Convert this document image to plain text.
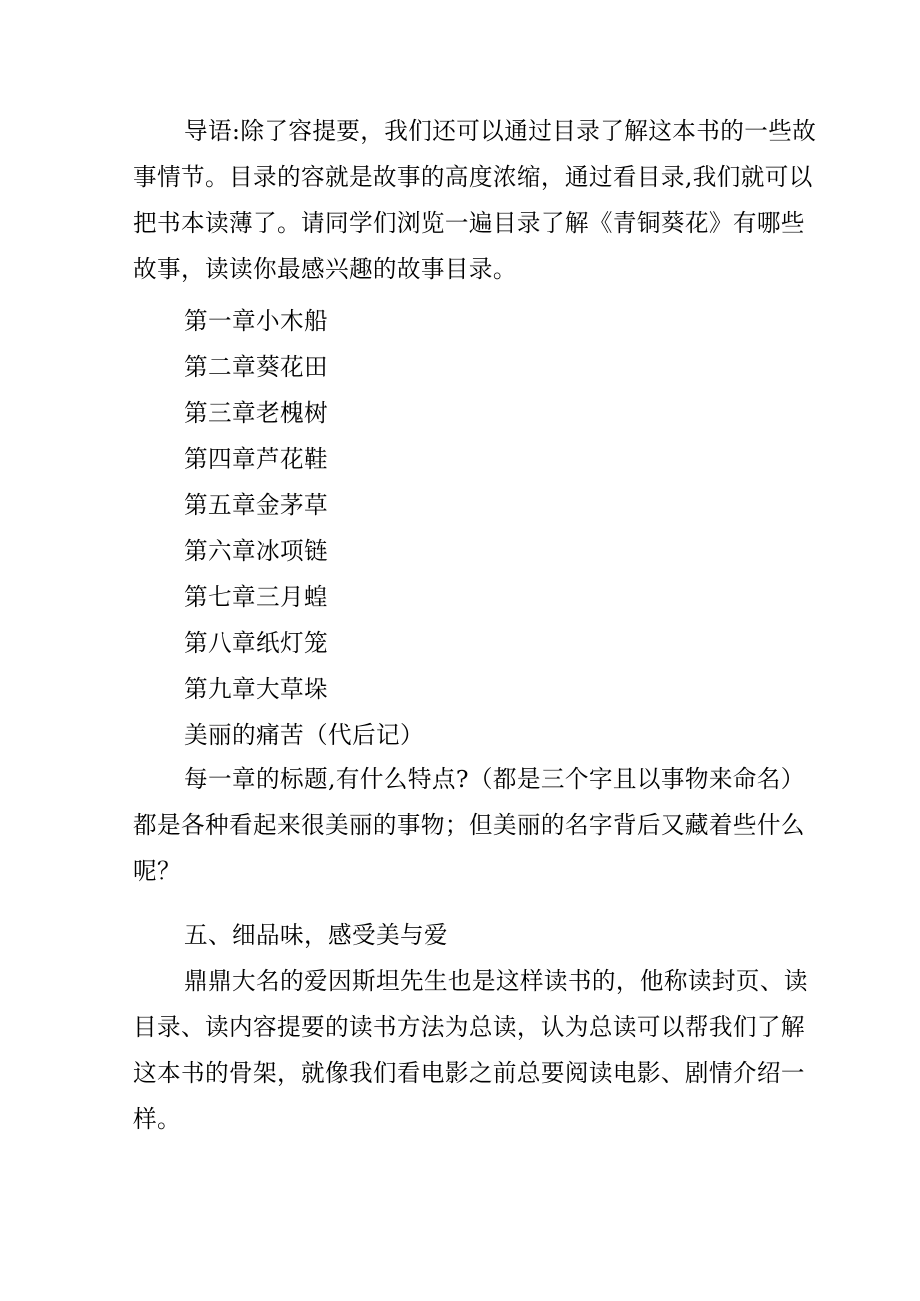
导语:除了容提要，我们还可以通过目录了解这本书的一些故
事情节。目录的容就是故事的高度浓缩，通过看目录,我们就可以
把书本读薄了。请同学们浏览一遍目录了解《青铜葵花》有哪些
故事，读读你最感兴趣的故事目录。
第一章小木船
第二章葵花田
第三章老槐树
第四章芦花鞋
第五章金茅草
第六章冰项链
第七章三月蝗
第八章纸灯笼
第九章大草垛
美丽的痛苦（代后记）
每一章的标题,有什么特点?（都是三个字且以事物来命名）
都是各种看起来很美丽的事物；但美丽的名字背后又藏着些什么
呢？
五、细品味，感受美与爱
鼎鼎大名的爱因斯坦先生也是这样读书的，他称读封页、读
目录、读内容提要的读书方法为总读，认为总读可以帮我们了解
这本书的骨架，就像我们看电影之前总要阅读电影、剧情介绍一
样。
